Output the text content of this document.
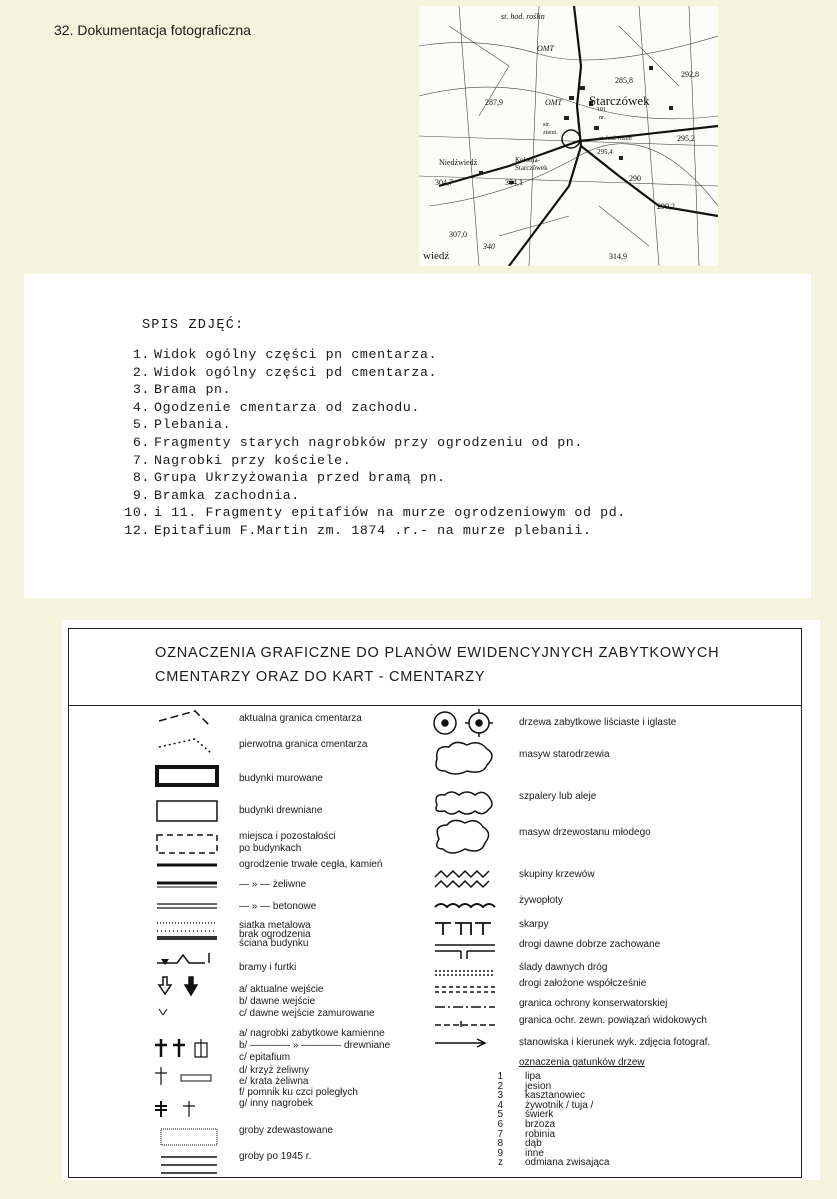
32. Dokumentacja fotograficzna
st. hod. roślin
OMT
285,8
292,8
287,9	OMT Starczówek
101
nr.
str.
ziemi.
Niedźwiedź	Kolonia-
Starczówek
st. hod. roślin
295,4
295,2
304,7	304,1	290
290,2
307,0
340
wiedź	314,9
SPIS ZDJĘĆ:
1. Widok ogólny części pn cmentarza.
2. Widok ogólny części pd cmentarza.
3. Brama pn.
4. Ogodzenie cmentarza od zachodu.
5. Plebania.
6. Fragmenty starych nagrobków przy ogrodzeniu od pn.
7. Nagrobki przy kościele.
8. Grupa Ukrzyżowania przed bramą pn.
9. Bramka zachodnia.
10. i 11. Fragmenty epitafiów na murze ogrodzeniowym od pd.
12. Epitafium F.Martin zm. 1874 .r.- na murze plebanii.
OZNACZENIA GRAFICZNE DO PLANÓW EWIDENCYJNYCH ZABYTKOWYCH
CMENTARZY ORAZ DO KART - CMENTARZY
aktualna granica cmentarza
pierwotna granica cmentarza
budynki murowane
budynki drewniane
miejsca i pozostałości
po budynkach
ogrodzenie trwałe cegła, kamień
— » — żeliwne
— » — betonowe
siatka metalowa
brak ogrodzenia
ściana budynku
bramy i furtki
a/ aktualne wejście
b/ dawne wejście
c/ dawne wejście zamurowane
a/ nagrobki zabytkowe kamienne
b/ ———— » ———— drewniane
c/ epitafium
d/ krzyż żeliwny
e/ krata żeliwna
f/ pomnik ku czci poległych
g/ inny nagrobek
groby zdewastowane
groby po 1945 r.
drzewa zabytkowe liściaste i iglaste
masyw starodrzewia
szpalery lub aleje
masyw drzewostanu młodego
skupiny krzewów
żywopłoty
skarpy
drogi dawne dobrze zachowane
ślady dawnych dróg
drogi założone współcześnie
granica ochrony konserwatorskiej
granica ochr. zewn. powiązań widokowych
stanowiska i kierunek wyk. zdjęcia fotograf.
oznaczenia gatunków drzew
1 lipa
2 jesion
3 kasztanowiec
4 żywotnik / tuja /
5 świerk
6 brzoza
7 robinia
8 dąb
9 inne
z odmiana zwisająca
